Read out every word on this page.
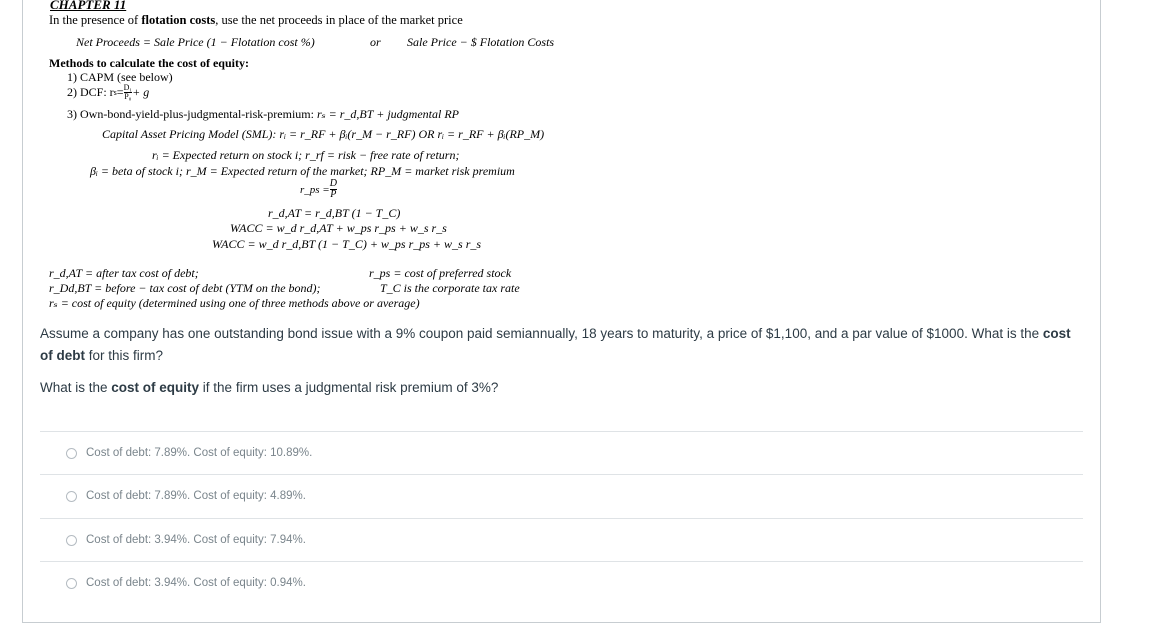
CHAPTER 11
In the presence of flotation costs, use the net proceeds in place of the market price
Net Proceeds = Sale Price (1 − Flotation cost %)	or Sale Price − $ Flotation Costs
Methods to calculate the cost of equity:
1) CAPM (see below)
2) DCF: r $s = \frac{\text{D₁}}{\text{P₀}} + g$
3) Own-bond-yield-plus-judgmental-risk-premium: rₛ = r_d,BT + judgmental RP
Capital Asset Pricing Model (SML): rᵢ = r_RF + βᵢ(r_M − r_RF) OR rᵢ = r_RF + βᵢ(RP_M)
rᵢ = Expected return on stock i; r_rf = risk − free rate of return;
βᵢ = beta of stock i; r_M = Expected return of the market; RP_M = market risk premium
r_ps = $\frac{D}{P}$
r_d,AT = r_d,BT (1 − T_C)
WACC = w_d r_d,AT + w_ps r_ps + w_s r_s
WACC = w_d r_d,BT (1 − T_C) + w_ps r_ps + w_s r_s
r_d,AT = after tax cost of debt;
r_Dd,BT = before − tax cost of debt (YTM on the bond);
rₛ = cost of equity (determined using one of three methods above or average)
r_ps = cost of preferred stock
T_C is the corporate tax rate
Assume a company has one outstanding bond issue with a 9% coupon paid semiannually, 18 years to maturity, a price of $1,100, and a par value of $1000. What is the cost of debt for this firm?
What is the cost of equity if the firm uses a judgmental risk premium of 3%?
Cost of debt: 7.89%. Cost of equity: 10.89%.
Cost of debt: 7.89%. Cost of equity: 4.89%.
Cost of debt: 3.94%. Cost of equity: 7.94%.
Cost of debt: 3.94%. Cost of equity: 0.94%.
